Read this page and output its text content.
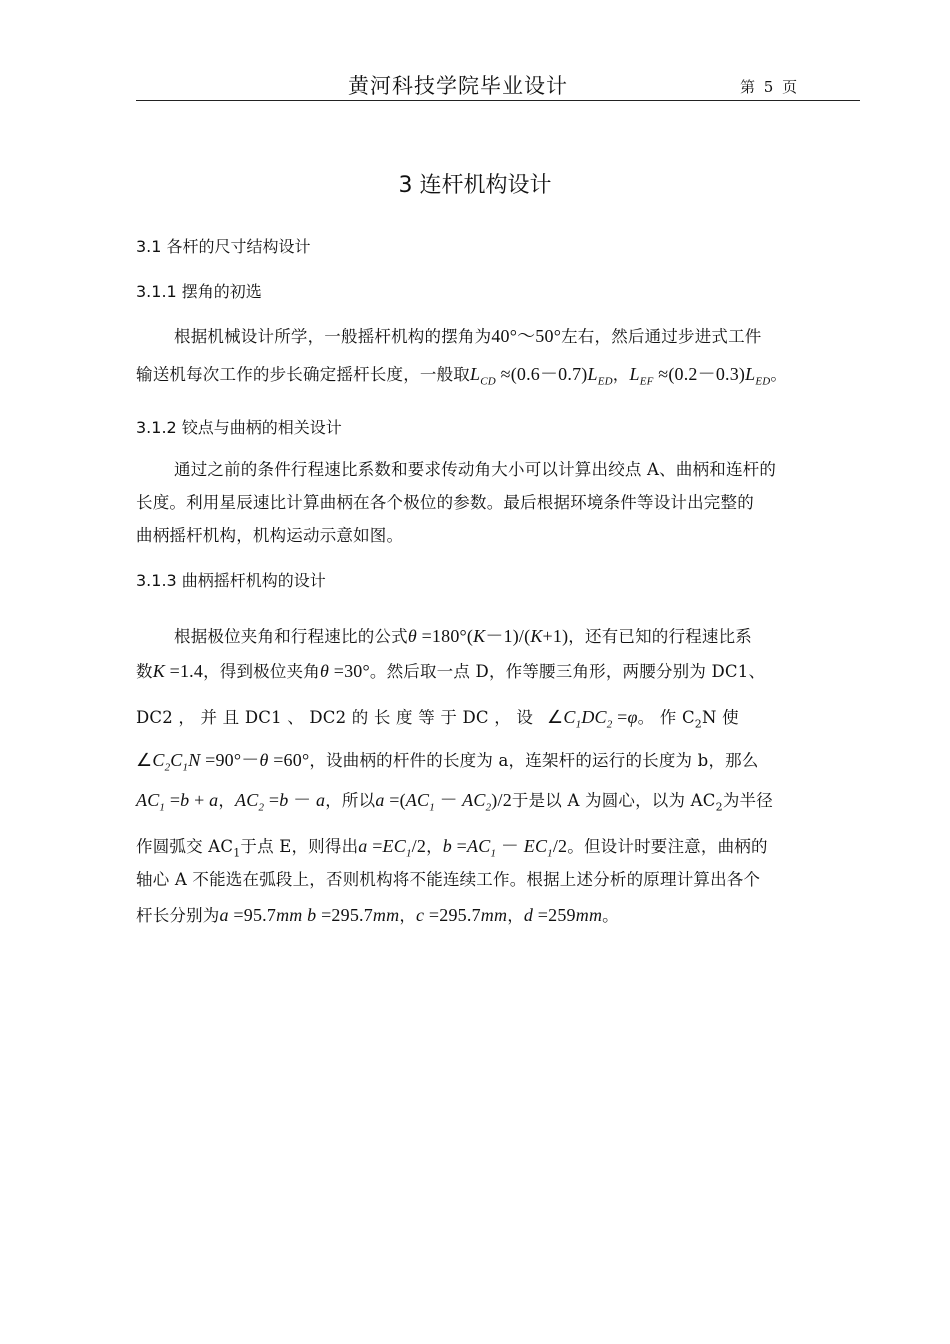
黄河科技学院毕业设计	第 5 页
3 连杆机构设计
3.1 各杆的尺寸结构设计
3.1.1 摆角的初选
根据机械设计所学，一般摇杆机构的摆角为40°～50°左右，然后通过步进式工件
输送机每次工作的步长确定摇杆长度，一般取$L_{CD} \approx(0.6-0.7)L_{ED}$，$L_{EF} \approx(0.2-0.3)L_{ED}$。
3.1.2 铰点与曲柄的相关设计
通过之前的条件行程速比系数和要求传动角大小可以计算出绞点 A、曲柄和连杆的
长度。利用星辰速比计算曲柄在各个极位的参数。最后根据环境条件等设计出完整的
曲柄摇杆机构，机构运动示意如图。
3.1.3 曲柄摇杆机构的设计
根据极位夹角和行程速比的公式θ =180°(K－1)/(K+1)，还有已知的行程速比系
数K =1.4，得到极位夹角θ =30°。然后取一点 D，作等腰三角形，两腰分别为 DC1、
DC2 ， 并 且 DC1 、 DC2 的 长 度 等 于 DC ， 设 $\angle C_1DC_2 =\varphi$。 作 $C_2N$ 使
$\angle C_2C_1N =90^\circ-\theta =60^\circ$，设曲柄的杆件的长度为 a，连架杆的运行的长度为 b，那么
$AC_1 =b + a$，$AC_2 =b - a$，所以$a =(AC_1 - AC_2)/2$于是以 A 为圆心，以为 $AC_2$为半径
作圆弧交 $AC_1$于点 E，则得出$a =EC_1/2$，$b =AC_1 - EC_1/2$。但设计时要注意，曲柄的
轴心 A 不能选在弧段上，否则机构将不能连续工作。根据上述分析的原理计算出各个
杆长分别为a =95.7mm b =295.7mm，c =295.7mm，d =259mm。
